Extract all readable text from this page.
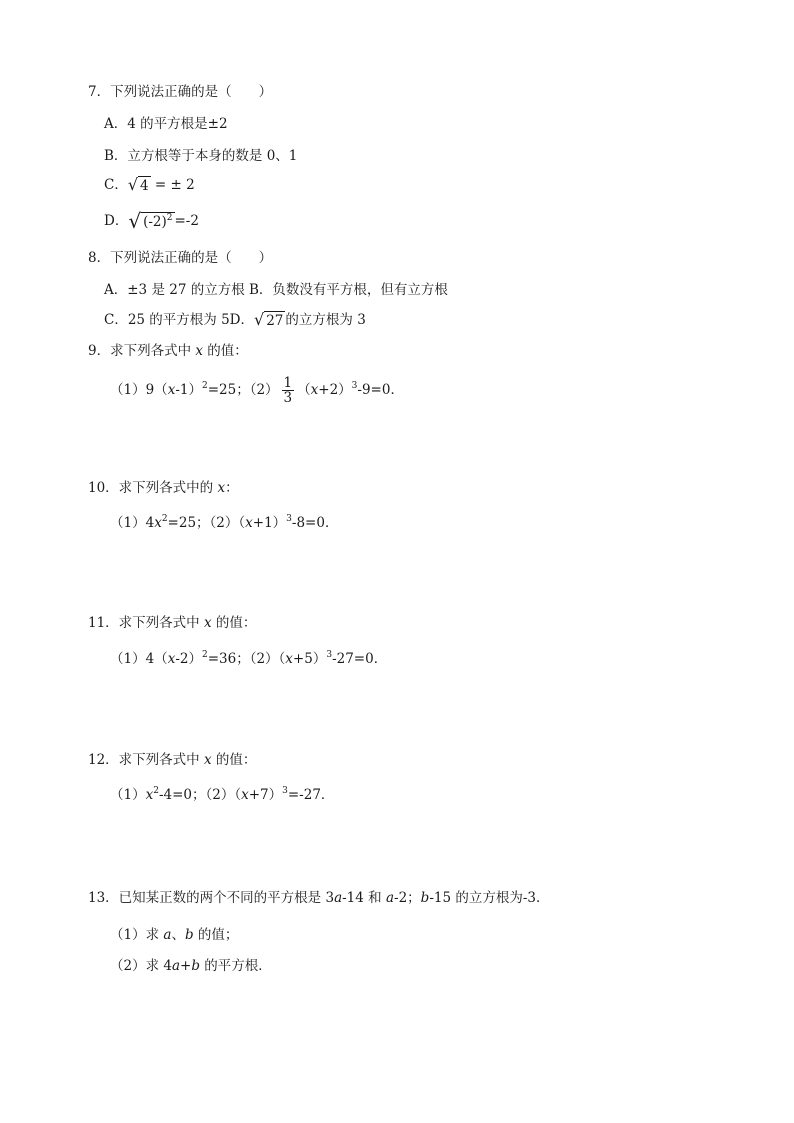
7．下列说法正确的是（　　）
A．4 的平方根是±2
B．立方根等于本身的数是 0、1
C． √ 4 = ± 2
D． √ $(-2)^2 =-2$
8．下列说法正确的是（　　）
A．±3 是 27 的立方根 B．负数没有平方根，但有立方根
C．25 的平方根为 5D． √ 27 的立方根为 3
9．求下列各式中 x 的值：
$(1)9(x-1)^2=25$；$(2) \frac{1}{3} (x+2)^3-9=0$．
10．求下列各式中的 x：
$(1)4x^2=25$；$(2)(x+1)^3-8=0$．
11．求下列各式中 x 的值：
$(1)4(x-2)^2=36$；$(2)(x+5)^3-27=0$．
12．求下列各式中 x 的值：
$(1)x^2-4=0$；$(2)(x+7)^3=-27$．
13．已知某正数的两个不同的平方根是 3a-14 和 a-2；b-15 的立方根为-3．
（1）求 a、b 的值；
（2）求 4a+b 的平方根．
